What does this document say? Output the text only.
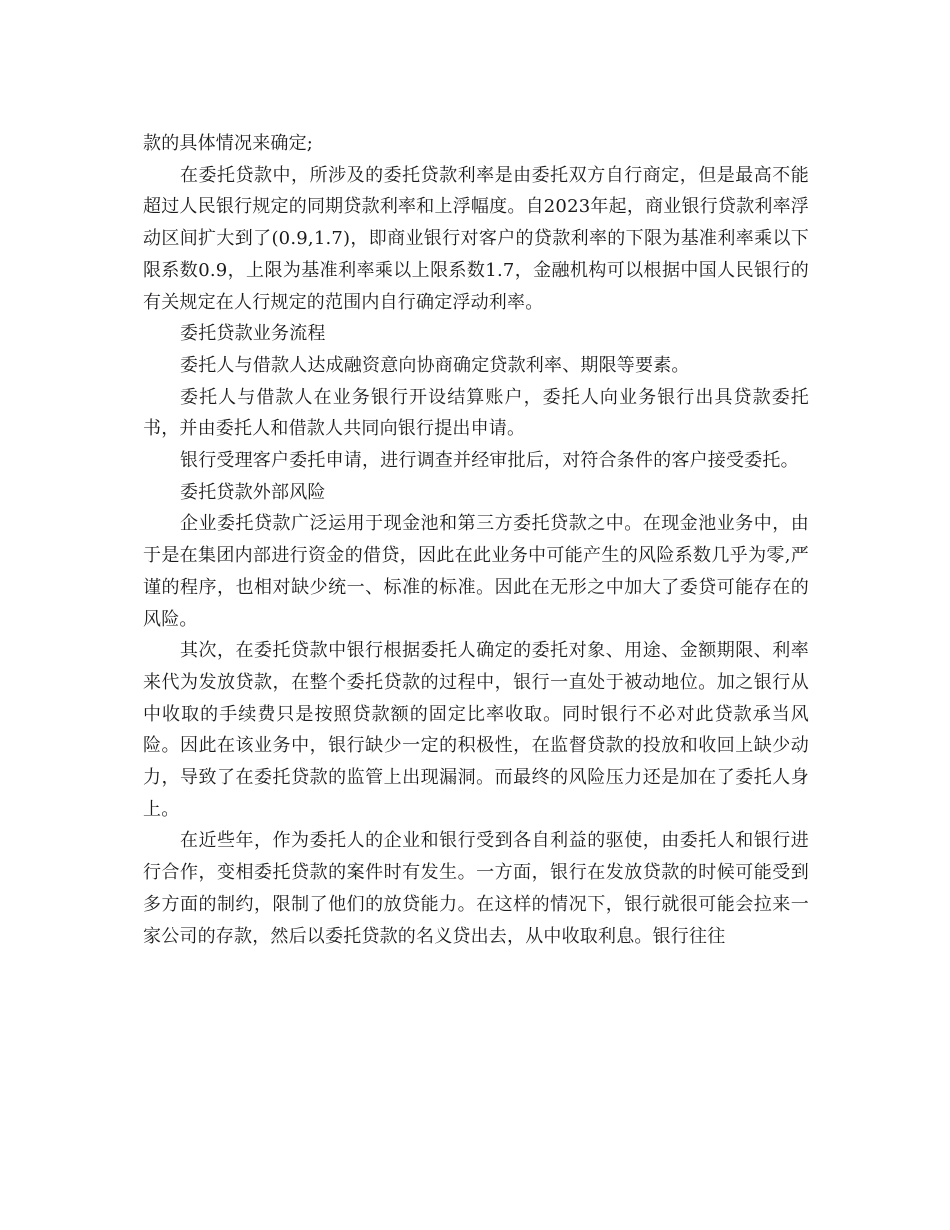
款的具体情况来确定;

在委托贷款中，所涉及的委托贷款利率是由委托双方自行商定，但是最高不能超过人民银行规定的同期贷款利率和上浮幅度。自2023年起，商业银行贷款利率浮动区间扩大到了(0.9,1.7)，即商业银行对客户的贷款利率的下限为基准利率乘以下限系数0.9，上限为基准利率乘以上限系数1.7，金融机构可以根据中国人民银行的有关规定在人行规定的范围内自行确定浮动利率。

委托贷款业务流程

委托人与借款人达成融资意向协商确定贷款利率、期限等要素。

委托人与借款人在业务银行开设结算账户，委托人向业务银行出具贷款委托书，并由委托人和借款人共同向银行提出申请。

银行受理客户委托申请，进行调查并经审批后，对符合条件的客户接受委托。

委托贷款外部风险

企业委托贷款广泛运用于现金池和第三方委托贷款之中。在现金池业务中，由于是在集团内部进行资金的借贷，因此在此业务中可能产生的风险系数几乎为零,严谨的程序，也相对缺少统一、标准的标准。因此在无形之中加大了委贷可能存在的风险。

其次，在委托贷款中银行根据委托人确定的委托对象、用途、金额期限、利率来代为发放贷款，在整个委托贷款的过程中，银行一直处于被动地位。加之银行从中收取的手续费只是按照贷款额的固定比率收取。同时银行不必对此贷款承当风险。因此在该业务中，银行缺少一定的积极性，在监督贷款的投放和收回上缺少动力，导致了在委托贷款的监管上出现漏洞。而最终的风险压力还是加在了委托人身上。

在近些年，作为委托人的企业和银行受到各自利益的驱使，由委托人和银行进行合作，变相委托贷款的案件时有发生。一方面，银行在发放贷款的时候可能受到多方面的制约，限制了他们的放贷能力。在这样的情况下，银行就很可能会拉来一家公司的存款，然后以委托贷款的名义贷出去，从中收取利息。银行往往
